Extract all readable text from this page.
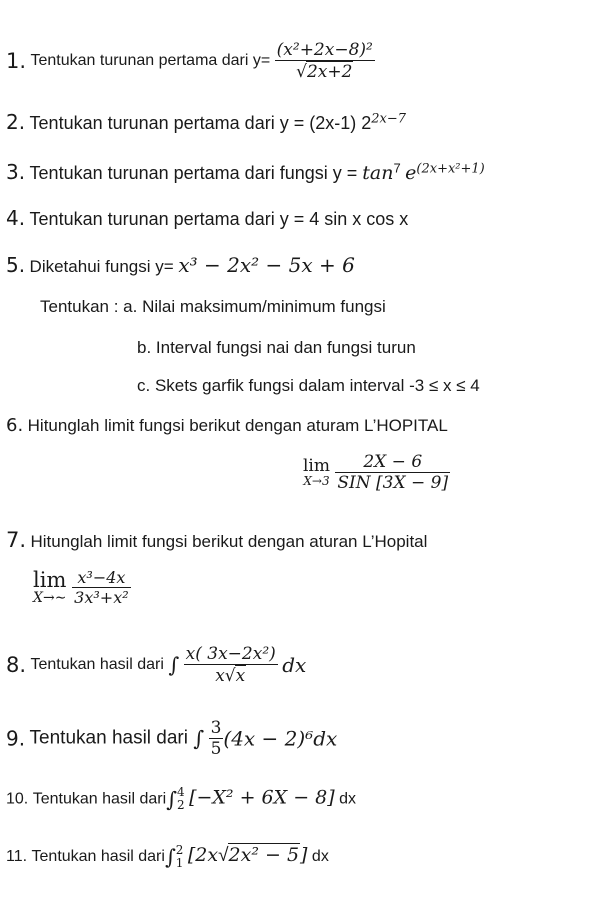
1. Tentukan turunan pertama dari $y= \frac{\text{(x²+2x−8)²}}{√2x+2}$
2. Tentukan turunan pertama dari y = (2x-1) $2^{2x-7}$
3. Tentukan turunan pertama dari fungsi $y = \tan^7 e^{(2x+x^2+1)}$
4. Tentukan turunan pertama dari y = 4 sin x cos x
5. Diketahui fungsi y= x³ − 2x² − 5x + 6
Tentukan : a. Nilai maksimum/minimum fungsi
b. Interval fungsi nai dan fungsi turun
c. Skets garfik fungsi dalam interval -3 ≤ x ≤ 4
6. Hitunglah limit fungsi berikut dengan aturam L’HOPITAL
lim
X→3
$\frac{2X - 6}{\text{SIN [3X − 9]}}$
7. Hitunglah limit fungsi berikut dengan aturan L’Hopital
lim
X→∼
$\frac{\text{x³−4x}}{\text{3x³+x²}}$
8. Tentukan hasil dari ∫ $\frac{\text{x( 3x−2x²)}}{x√x}$ dx
9. Tentukan hasil dari ∫ $\frac{3}{5} (4x - 2)^6dx$
10. Tentukan hasil dari∫ 4
2 [−X² + 6X − 8] dx
11. Tentukan hasil dari∫ 2
1 [2x√2x² − 5] dx
